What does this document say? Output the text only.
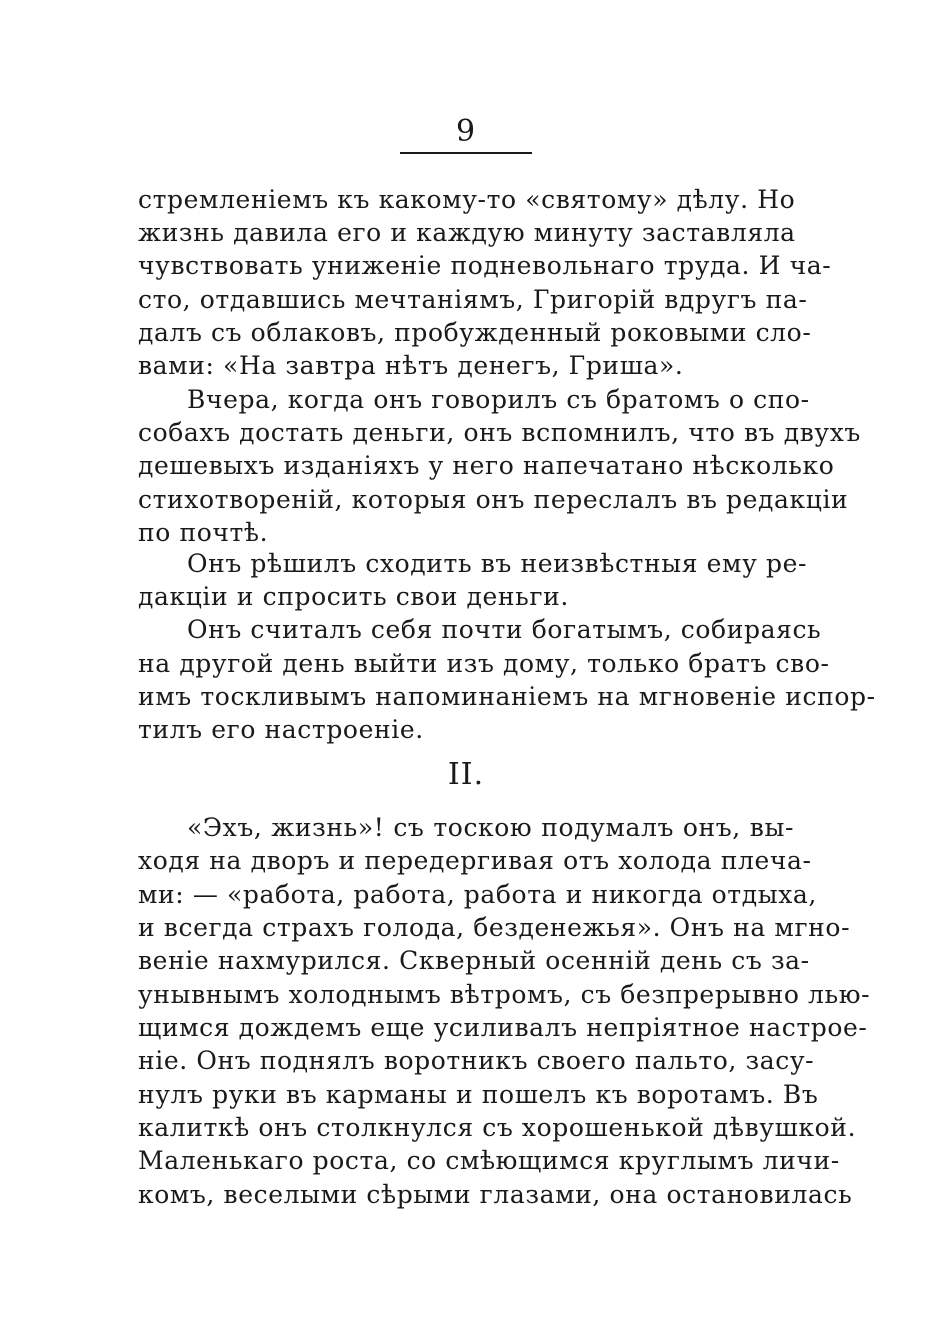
9
стремленіемъ къ какому-то «святому» дѣлу. Но
жизнь давила его и каждую минуту заставляла
чувствовать униженіе подневольнаго труда. И ча-
сто, отдавшись мечтаніямъ, Григорій вдругъ па-
далъ съ облаковъ, пробужденный роковыми сло-
вами: «На завтра нѣтъ денегъ, Гриша».
Вчера, когда онъ говорилъ съ братомъ о спо-
собахъ достать деньги, онъ вспомнилъ, что въ двухъ
дешевыхъ изданіяхъ у него напечатано нѣсколько
стихотвореній, которыя онъ переслалъ въ редакціи
по почтѣ.
Онъ рѣшилъ сходить въ неизвѣстныя ему ре-
дакціи и спросить свои деньги.
Онъ считалъ себя почти богатымъ, собираясь
на другой день выйти изъ дому, только братъ сво-
имъ тоскливымъ напоминаніемъ на мгновеніе испор-
тилъ его настроеніе.
II.
«Эхъ, жизнь»! съ тоскою подумалъ онъ, вы-
ходя на дворъ и передергивая отъ холода плеча-
ми: — «работа, работа, работа и никогда отдыха,
и всегда страхъ голода, безденежья». Онъ на мгно-
веніе нахмурился. Скверный осенній день съ за-
унывнымъ холоднымъ вѣтромъ, съ безпрерывно лью-
щимся дождемъ еще усиливалъ непріятное настрое-
ніе. Онъ поднялъ воротникъ своего пальто, засу-
нулъ руки въ карманы и пошелъ къ воротамъ. Въ
калиткѣ онъ столкнулся съ хорошенькой дѣвушкой.
Маленькаго роста, со смѣющимся круглымъ личи-
комъ, веселыми сѣрыми глазами, она остановилась
